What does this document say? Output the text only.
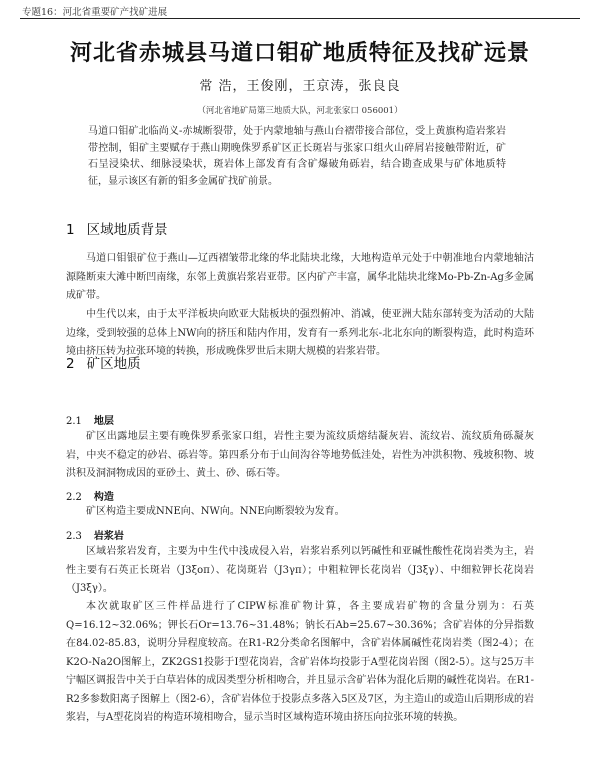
专题16：河北省重要矿产找矿进展
河北省赤城县马道口钼矿地质特征及找矿远景
常 浩，王俊刚，王京涛，张良良
（河北省地矿局第三地质大队，河北张家口 056001）
马道口钼矿北临尚义-赤城断裂带，处于内蒙地轴与燕山台褶带接合部位，受上黄旗构造岩浆岩带控制，钼矿主要赋存于燕山期晚侏罗系矿区正长斑岩与张家口组火山碎屑岩接触带附近，矿石呈浸染状、细脉浸染状，斑岩体上部发育有含矿爆破角砾岩，结合勘查成果与矿体地质特征，显示该区有新的钼多金属矿找矿前景。
1 区域地质背景
马道口钼银矿位于燕山—辽西褶皱带北缘的华北陆块北缘，大地构造单元处于中朝准地台内蒙地轴沽源隆断束大滩中断凹南缘，东邻上黄旗岩浆岩亚带。区内矿产丰富，属华北陆块北缘Mo-Pb-Zn-Ag多金属成矿带。
中生代以来，由于太平洋板块向欧亚大陆板块的强烈俯冲、消减，使亚洲大陆东部转变为活动的大陆边缘，受到较强的总体上NW向的挤压和陆内作用，发育有一系列北东-北北东向的断裂构造，此时构造环境由挤压转为拉张环境的转换，形成晚侏罗世后末期大规模的岩浆岩带。
2 矿区地质
2.1 地层
矿区出露地层主要有晚侏罗系张家口组，岩性主要为流纹质熔结凝灰岩、流纹岩、流纹质角砾凝灰岩，中夹不稳定的砂岩、砾岩等。第四系分布于山间沟谷等地势低洼处，岩性为冲洪积物、残坡积物、坡洪积及洞洞物成因的亚砂土、黄土、砂、砾石等。
2.2 构造
矿区构造主要成NNE向、NW向。NNE向断裂较为发育。
2.3 岩浆岩
区域岩浆岩发育，主要为中生代中浅成侵入岩，岩浆岩系列以钙碱性和亚碱性酸性花岗岩类为主，岩性主要有石英正长斑岩（J3ξoπ）、花岗斑岩（J3γπ）；中粗粒钾长花岗岩（J3ξγ）、中细粒钾长花岗岩（J3ξγ）。
本次就取矿区三件样品进行了CIPW标准矿物计算，各主要成岩矿物的含量分别为：石英Q=16.12~32.06%；钾长石Or=13.76~31.48%；钠长石Ab=25.67~30.36%；含矿岩体的分异指数在84.02-85.83，说明分异程度较高。在R1-R2分类命名图解中，含矿岩体属碱性花岗岩类（图2-4）；在K2O-Na2O图解上，ZK2GS1投影于I型花岗岩，含矿岩体均投影于A型花岗岩图（图2-5）。这与25万丰宁幅区调报告中关于白草岩体的成因类型分析相吻合，并且显示含矿岩体为混化后期的碱性花岗岩。在R1-R2多参数阳离子图解上（图2-6），含矿岩体位于投影点多落入5区及7区，为主造山的或造山后期形成的岩浆岩，与A型花岗岩的构造环境相吻合，显示当时区域构造环境由挤压向拉张环境的转换。
